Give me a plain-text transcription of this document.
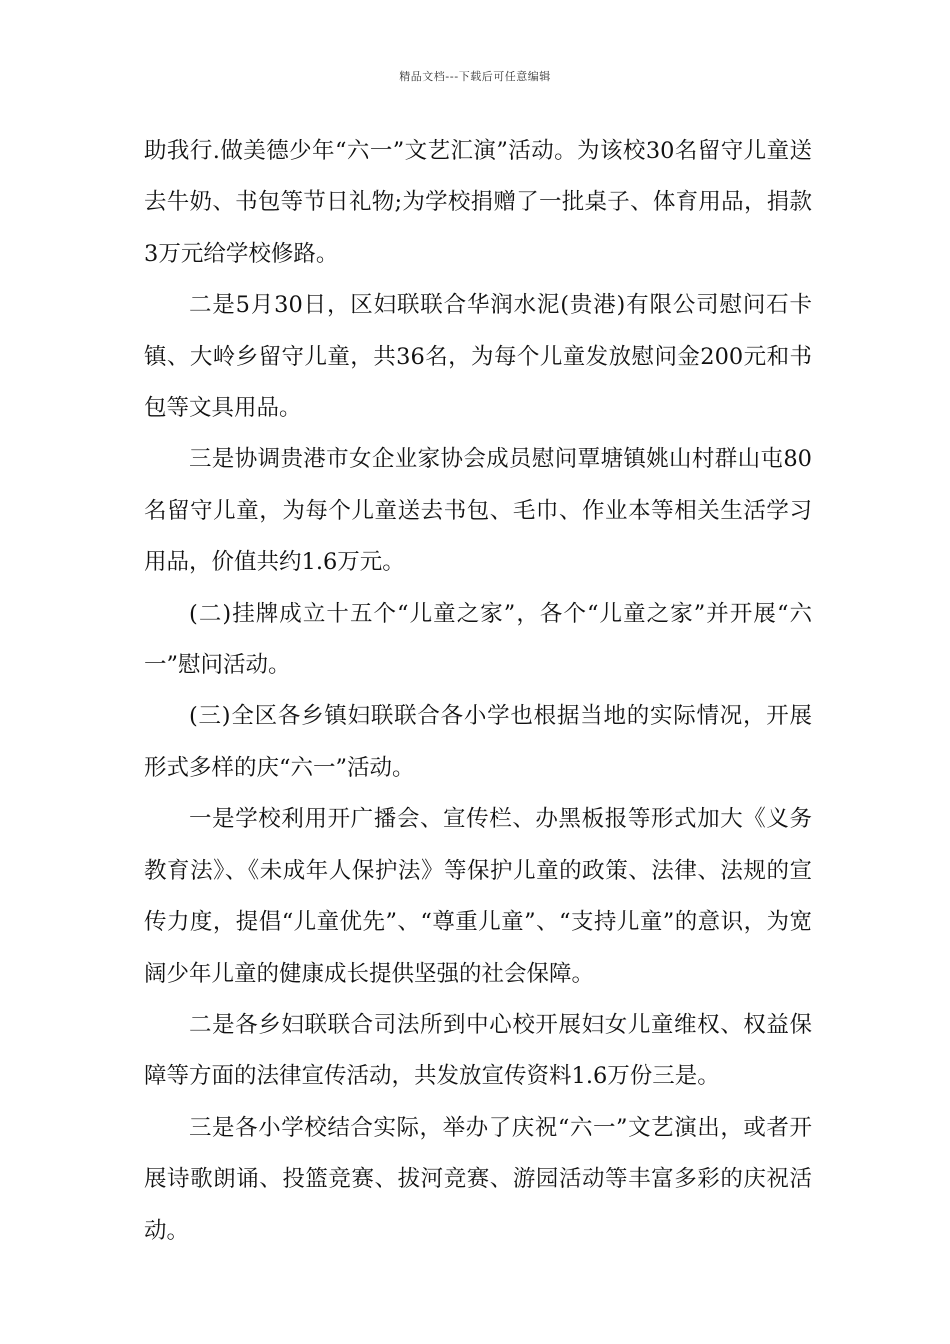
精品文档---下载后可任意编辑

助我行.做美德少年“六一”文艺汇演”活动。为该校30名留守儿童送去牛奶、书包等节日礼物;为学校捐赠了一批桌子、体育用品，捐款3万元给学校修路。

二是5月30日，区妇联联合华润水泥(贵港)有限公司慰问石卡镇、大岭乡留守儿童，共36名，为每个儿童发放慰问金200元和书包等文具用品。

三是协调贵港市女企业家协会成员慰问覃塘镇姚山村群山屯80名留守儿童，为每个儿童送去书包、毛巾、作业本等相关生活学习用品，价值共约1.6万元。

(二)挂牌成立十五个“儿童之家”，各个“儿童之家”并开展“六一”慰问活动。

(三)全区各乡镇妇联联合各小学也根据当地的实际情况，开展形式多样的庆“六一”活动。

一是学校利用开广播会、宣传栏、办黑板报等形式加大《义务教育法》、《未成年人保护法》等保护儿童的政策、法律、法规的宣传力度，提倡“儿童优先”、“尊重儿童”、“支持儿童”的意识，为宽阔少年儿童的健康成长提供坚强的社会保障。

二是各乡妇联联合司法所到中心校开展妇女儿童维权、权益保障等方面的法律宣传活动，共发放宣传资料1.6万份三是。

三是各小学校结合实际，举办了庆祝“六一”文艺演出，或者开展诗歌朗诵、投篮竞赛、拔河竞赛、游园活动等丰富多彩的庆祝活动。
